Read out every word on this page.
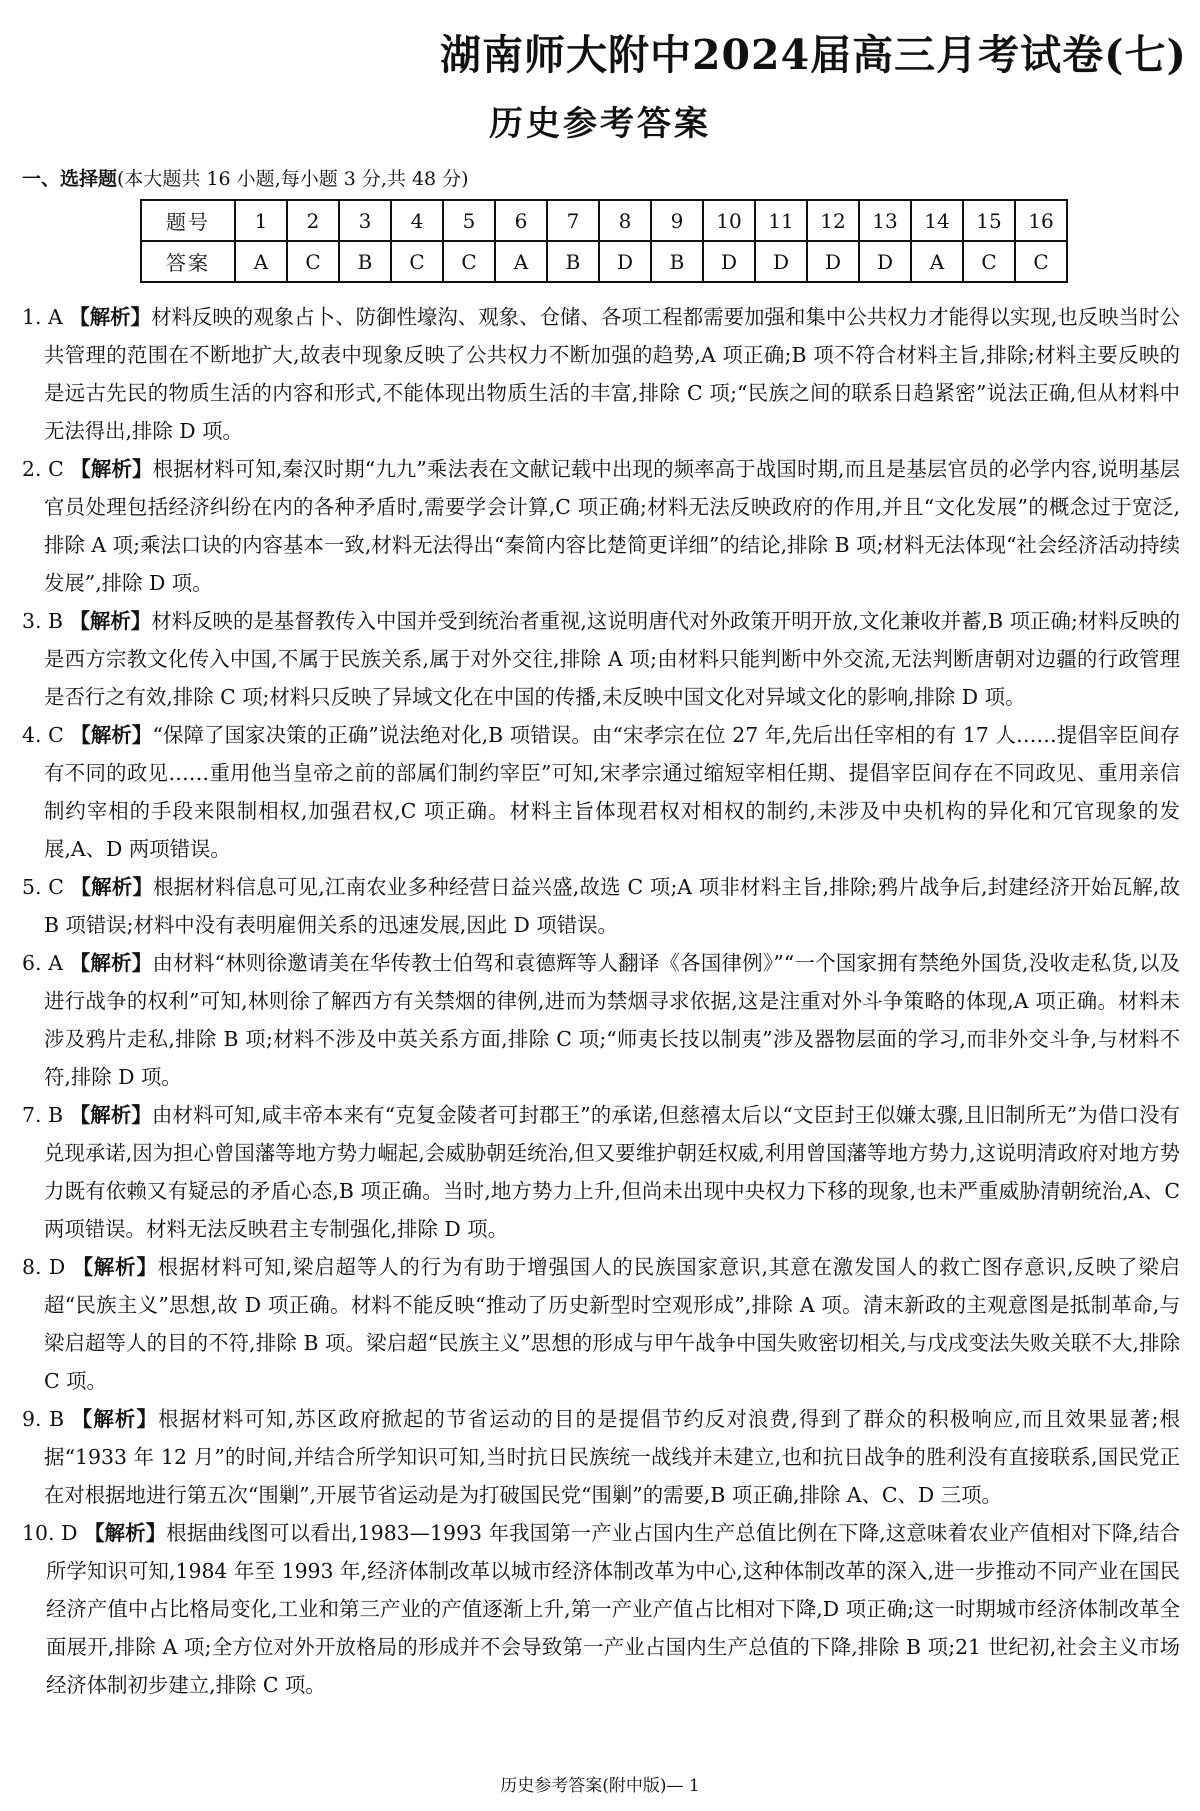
湖南师大附中2024届高三月考试卷(七)
历史参考答案
一、选择题(本大题共 16 小题,每小题 3 分,共 48 分)
题号	1	2	3	4	5	6	7	8	9	10	11	12	13	14	15	16
答案	A	C	B	C	C	A	B	D	B	D	D	D	D	A	C	C

1. A 【解析】材料反映的观象占卜、防御性壕沟、观象、仓储、各项工程都需要加强和集中公共权力才能得以实现,也反映当时公共管理的范围在不断地扩大,故表中现象反映了公共权力不断加强的趋势,A 项正确;B 项不符合材料主旨,排除;材料主要反映的是远古先民的物质生活的内容和形式,不能体现出物质生活的丰富,排除 C 项;“民族之间的联系日趋紧密”说法正确,但从材料中无法得出,排除 D 项。

2. C 【解析】根据材料可知,秦汉时期“九九”乘法表在文献记载中出现的频率高于战国时期,而且是基层官员的必学内容,说明基层官员处理包括经济纠纷在内的各种矛盾时,需要学会计算,C 项正确;材料无法反映政府的作用,并且“文化发展”的概念过于宽泛,排除 A 项;乘法口诀的内容基本一致,材料无法得出“秦简内容比楚简更详细”的结论,排除 B 项;材料无法体现“社会经济活动持续发展”,排除 D 项。

3. B 【解析】材料反映的是基督教传入中国并受到统治者重视,这说明唐代对外政策开明开放,文化兼收并蓄,B 项正确;材料反映的是西方宗教文化传入中国,不属于民族关系,属于对外交往,排除 A 项;由材料只能判断中外交流,无法判断唐朝对边疆的行政管理是否行之有效,排除 C 项;材料只反映了异域文化在中国的传播,未反映中国文化对异域文化的影响,排除 D 项。

4. C 【解析】“保障了国家决策的正确”说法绝对化,B 项错误。由“宋孝宗在位 27 年,先后出任宰相的有 17 人……提倡宰臣间存有不同的政见……重用他当皇帝之前的部属们制约宰臣”可知,宋孝宗通过缩短宰相任期、提倡宰臣间存在不同政见、重用亲信制约宰相的手段来限制相权,加强君权,C 项正确。材料主旨体现君权对相权的制约,未涉及中央机构的异化和冗官现象的发展,A、D 两项错误。

5. C 【解析】根据材料信息可见,江南农业多种经营日益兴盛,故选 C 项;A 项非材料主旨,排除;鸦片战争后,封建经济开始瓦解,故 B 项错误;材料中没有表明雇佣关系的迅速发展,因此 D 项错误。

6. A 【解析】由材料“林则徐邀请美在华传教士伯驾和袁德辉等人翻译《各国律例》”“一个国家拥有禁绝外国货,没收走私货,以及进行战争的权利”可知,林则徐了解西方有关禁烟的律例,进而为禁烟寻求依据,这是注重对外斗争策略的体现,A 项正确。材料未涉及鸦片走私,排除 B 项;材料不涉及中英关系方面,排除 C 项;“师夷长技以制夷”涉及器物层面的学习,而非外交斗争,与材料不符,排除 D 项。

7. B 【解析】由材料可知,咸丰帝本来有“克复金陵者可封郡王”的承诺,但慈禧太后以“文臣封王似嫌太骤,且旧制所无”为借口没有兑现承诺,因为担心曾国藩等地方势力崛起,会威胁朝廷统治,但又要维护朝廷权威,利用曾国藩等地方势力,这说明清政府对地方势力既有依赖又有疑忌的矛盾心态,B 项正确。当时,地方势力上升,但尚未出现中央权力下移的现象,也未严重威胁清朝统治,A、C 两项错误。材料无法反映君主专制强化,排除 D 项。

8. D 【解析】根据材料可知,梁启超等人的行为有助于增强国人的民族国家意识,其意在激发国人的救亡图存意识,反映了梁启超“民族主义”思想,故 D 项正确。材料不能反映“推动了历史新型时空观形成”,排除 A 项。清末新政的主观意图是抵制革命,与梁启超等人的目的不符,排除 B 项。梁启超“民族主义”思想的形成与甲午战争中国失败密切相关,与戊戌变法失败关联不大,排除 C 项。

9. B 【解析】根据材料可知,苏区政府掀起的节省运动的目的是提倡节约反对浪费,得到了群众的积极响应,而且效果显著;根据“1933 年 12 月”的时间,并结合所学知识可知,当时抗日民族统一战线并未建立,也和抗日战争的胜利没有直接联系,国民党正在对根据地进行第五次“围剿”,开展节省运动是为打破国民党“围剿”的需要,B 项正确,排除 A、C、D 三项。

10. D 【解析】根据曲线图可以看出,1983—1993 年我国第一产业占国内生产总值比例在下降,这意味着农业产值相对下降,结合所学知识可知,1984 年至 1993 年,经济体制改革以城市经济体制改革为中心,这种体制改革的深入,进一步推动不同产业在国民经济产值中占比格局变化,工业和第三产业的产值逐渐上升,第一产业产值占比相对下降,D 项正确;这一时期城市经济体制改革全面展开,排除 A 项;全方位对外开放格局的形成并不会导致第一产业占国内生产总值的下降,排除 B 项;21 世纪初,社会主义市场经济体制初步建立,排除 C 项。

历史参考答案(附中版)— 1
